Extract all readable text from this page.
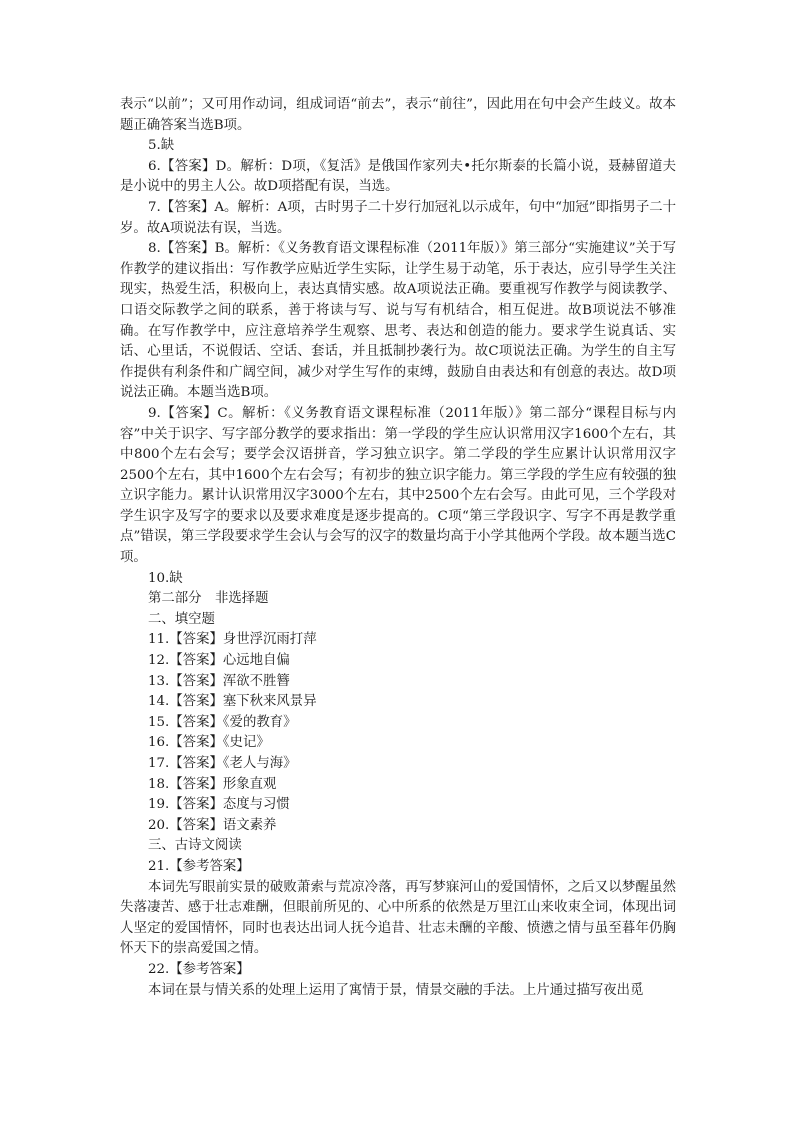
表示“以前”；又可用作动词，组成词语“前去”，表示“前往”，因此用在句中会产生歧义。故本题正确答案当选B项。

5.缺

6.【答案】D。解析：D项，《复活》是俄国作家列夫•托尔斯泰的长篇小说，聂赫留道夫是小说中的男主人公。故D项搭配有误，当选。

7.【答案】A。解析：A项，古时男子二十岁行加冠礼以示成年，句中“加冠”即指男子二十岁。故A项说法有误，当选。

8.【答案】B。解析：《义务教育语文课程标准（2011年版）》第三部分“实施建议”关于写作教学的建议指出：写作教学应贴近学生实际，让学生易于动笔，乐于表达，应引导学生关注现实，热爱生活，积极向上，表达真情实感。故A项说法正确。要重视写作教学与阅读教学、口语交际教学之间的联系，善于将读与写、说与写有机结合，相互促进。故B项说法不够准确。在写作教学中，应注意培养学生观察、思考、表达和创造的能力。要求学生说真话、实话、心里话，不说假话、空话、套话，并且抵制抄袭行为。故C项说法正确。为学生的自主写作提供有利条件和广阔空间，减少对学生写作的束缚，鼓励自由表达和有创意的表达。故D项说法正确。本题当选B项。

9.【答案】C。解析：《义务教育语文课程标准（2011年版）》第二部分“课程目标与内容”中关于识字、写字部分教学的要求指出：第一学段的学生应认识常用汉字1600个左右，其中800个左右会写；要学会汉语拼音，学习独立识字。第二学段的学生应累计认识常用汉字2500个左右，其中1600个左右会写；有初步的独立识字能力。第三学段的学生应有较强的独立识字能力。累计认识常用汉字3000个左右，其中2500个左右会写。由此可见，三个学段对学生识字及写字的要求以及要求难度是逐步提高的。C项“第三学段识字、写字不再是教学重点”错误，第三学段要求学生会认与会写的汉字的数量均高于小学其他两个学段。故本题当选C项。

10.缺

第二部分　非选择题

二、填空题

11.【答案】身世浮沉雨打萍

12.【答案】心远地自偏

13.【答案】浑欲不胜簪

14.【答案】塞下秋来风景异

15.【答案】《爱的教育》

16.【答案】《史记》

17.【答案】《老人与海》

18.【答案】形象直观

19.【答案】态度与习惯

20.【答案】语文素养

三、古诗文阅读

21.【参考答案】

本词先写眼前实景的破败萧索与荒凉冷落，再写梦寐河山的爱国情怀，之后又以梦醒虽然失落凄苦、感于壮志难酬，但眼前所见的、心中所系的依然是万里江山来收束全词，体现出词人坚定的爱国情怀，同时也表达出词人抚今追昔、壮志未酬的辛酸、愤懑之情与虽至暮年仍胸怀天下的崇高爱国之情。

22.【参考答案】

本词在景与情关系的处理上运用了寓情于景，情景交融的手法。上片通过描写夜出觅
